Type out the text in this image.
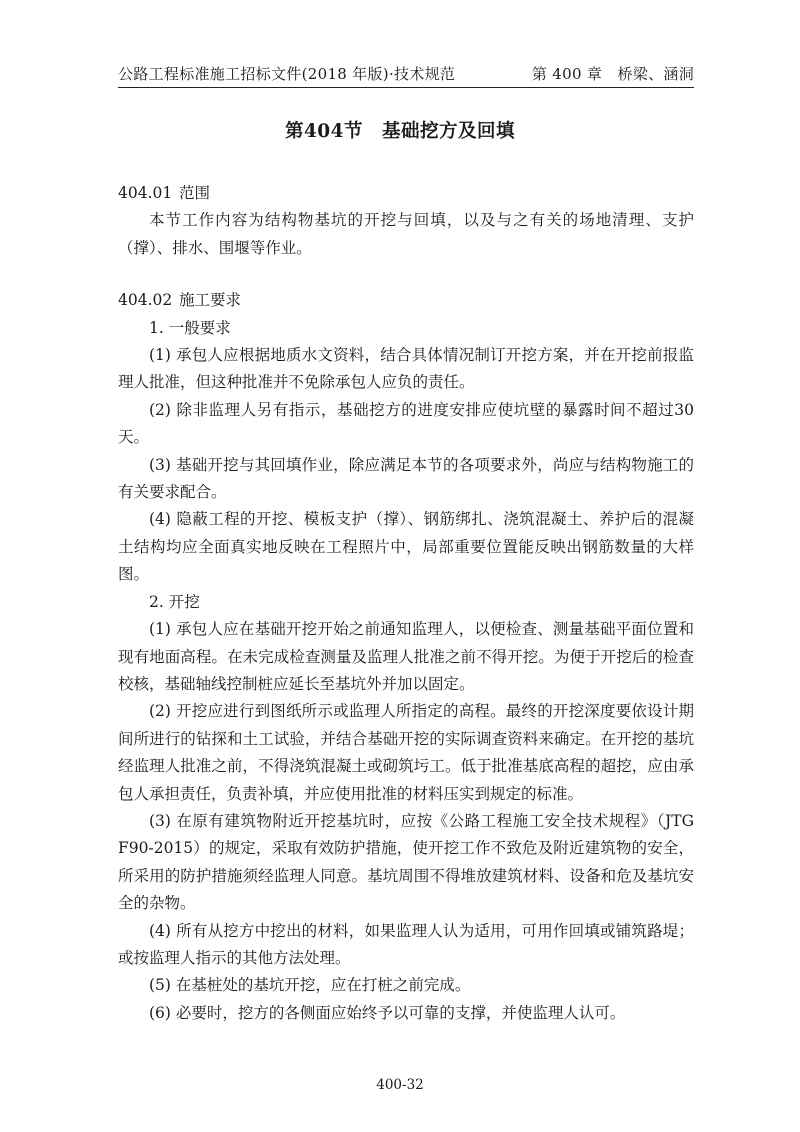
公路工程标准施工招标文件(2018 年版)·技术规范	第 400 章　桥梁、涵洞
第404节　基础挖方及回填

404.01 范围

本节工作内容为结构物基坑的开挖与回填，以及与之有关的场地清理、支护（撑）、排水、围堰等作业。

404.02 施工要求

1. 一般要求

(1) 承包人应根据地质水文资料，结合具体情况制订开挖方案，并在开挖前报监理人批准，但这种批准并不免除承包人应负的责任。

(2) 除非监理人另有指示，基础挖方的进度安排应使坑壁的暴露时间不超过30天。

(3) 基础开挖与其回填作业，除应满足本节的各项要求外，尚应与结构物施工的有关要求配合。

(4) 隐蔽工程的开挖、模板支护（撑）、钢筋绑扎、浇筑混凝土、养护后的混凝土结构均应全面真实地反映在工程照片中，局部重要位置能反映出钢筋数量的大样图。

2. 开挖

(1) 承包人应在基础开挖开始之前通知监理人，以便检查、测量基础平面位置和现有地面高程。在未完成检查测量及监理人批准之前不得开挖。为便于开挖后的检查校核，基础轴线控制桩应延长至基坑外并加以固定。

(2) 开挖应进行到图纸所示或监理人所指定的高程。最终的开挖深度要依设计期间所进行的钻探和土工试验，并结合基础开挖的实际调查资料来确定。在开挖的基坑经监理人批准之前，不得浇筑混凝土或砌筑圬工。低于批准基底高程的超挖，应由承包人承担责任，负责补填，并应使用批准的材料压实到规定的标准。

(3) 在原有建筑物附近开挖基坑时，应按《公路工程施工安全技术规程》（JTG F90-2015）的规定，采取有效防护措施，使开挖工作不致危及附近建筑物的安全，所采用的防护措施须经监理人同意。基坑周围不得堆放建筑材料、设备和危及基坑安全的杂物。

(4) 所有从挖方中挖出的材料，如果监理人认为适用，可用作回填或铺筑路堤；或按监理人指示的其他方法处理。

(5) 在基桩处的基坑开挖，应在打桩之前完成。

(6) 必要时，挖方的各侧面应始终予以可靠的支撑，并使监理人认可。

400-32
